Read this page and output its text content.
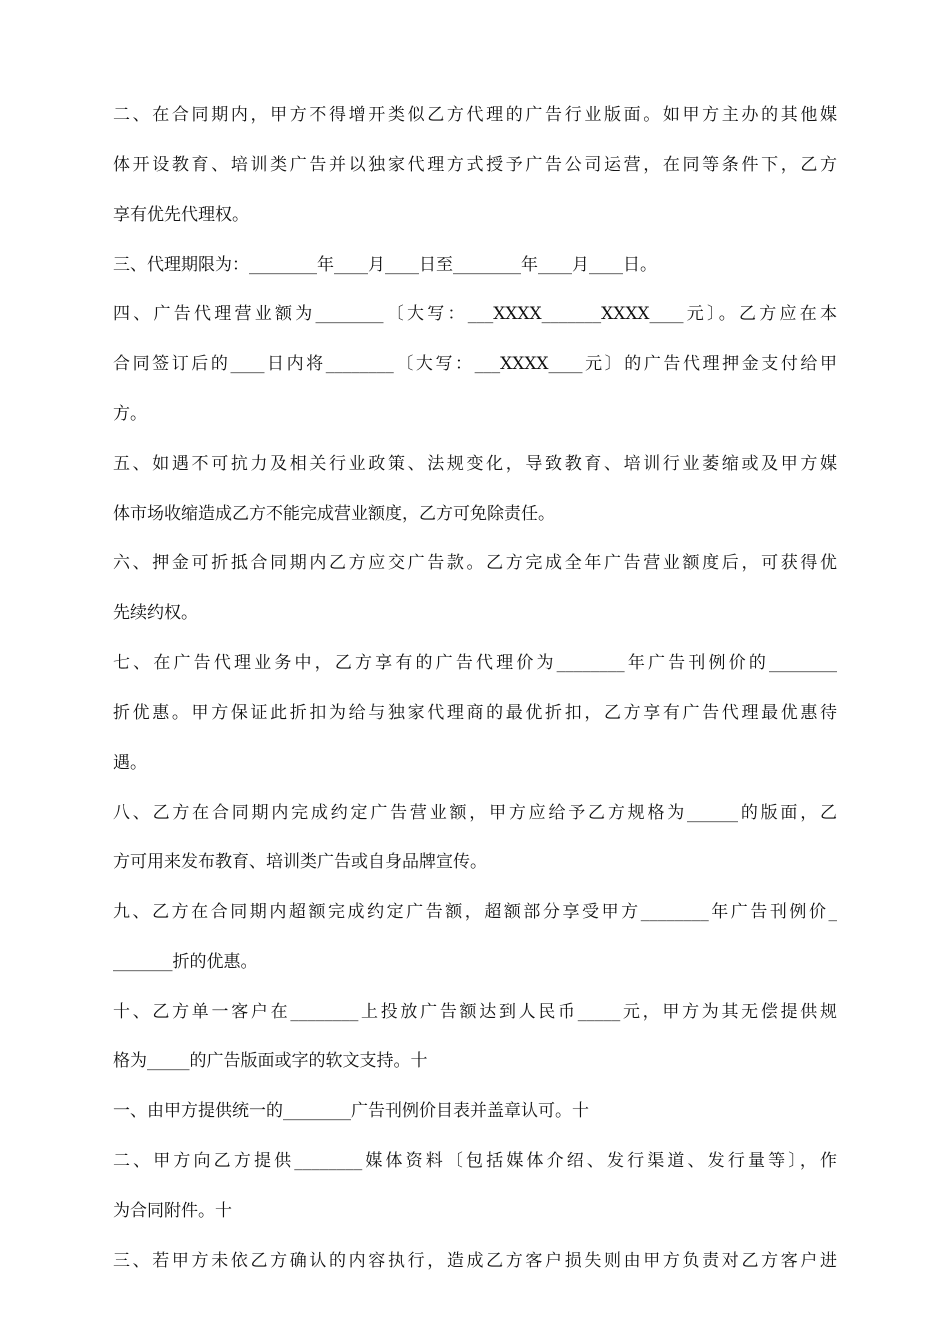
二、在合同期内，甲方不得增开类似乙方代理的广告行业版面。如甲方主办的其他媒
体开设教育、培训类广告并以独家代理方式授予广告公司运营，在同等条件下，乙方
享有优先代理权。
三、代理期限为：________年____月____日至________年____月____日。
四、广告代理营业额为________〔大写：___XXXX_______XXXX____元〕。乙方应在本
合同签订后的____日内将________〔大写：___XXXX____元〕的广告代理押金支付给甲
方。
五、如遇不可抗力及相关行业政策、法规变化，导致教育、培训行业萎缩或及甲方媒
体市场收缩造成乙方不能完成营业额度，乙方可免除责任。
六、押金可折抵合同期内乙方应交广告款。乙方完成全年广告营业额度后，可获得优
先续约权。
七、在广告代理业务中，乙方享有的广告代理价为________年广告刊例价的________
折优惠。甲方保证此折扣为给与独家代理商的最优折扣，乙方享有广告代理最优惠待
遇。
八、乙方在合同期内完成约定广告营业额，甲方应给予乙方规格为______的版面，乙
方可用来发布教育、培训类广告或自身品牌宣传。
九、乙方在合同期内超额完成约定广告额，超额部分享受甲方________年广告刊例价_
_______折的优惠。
十、乙方单一客户在________上投放广告额达到人民币_____元，甲方为其无偿提供规
格为_____的广告版面或字的软文支持。十
一、由甲方提供统一的________广告刊例价目表并盖章认可。十
二、甲方向乙方提供________媒体资料〔包括媒体介绍、发行渠道、发行量等〕，作
为合同附件。十
三、若甲方未依乙方确认的内容执行，造成乙方客户损失则由甲方负责对乙方客户进
